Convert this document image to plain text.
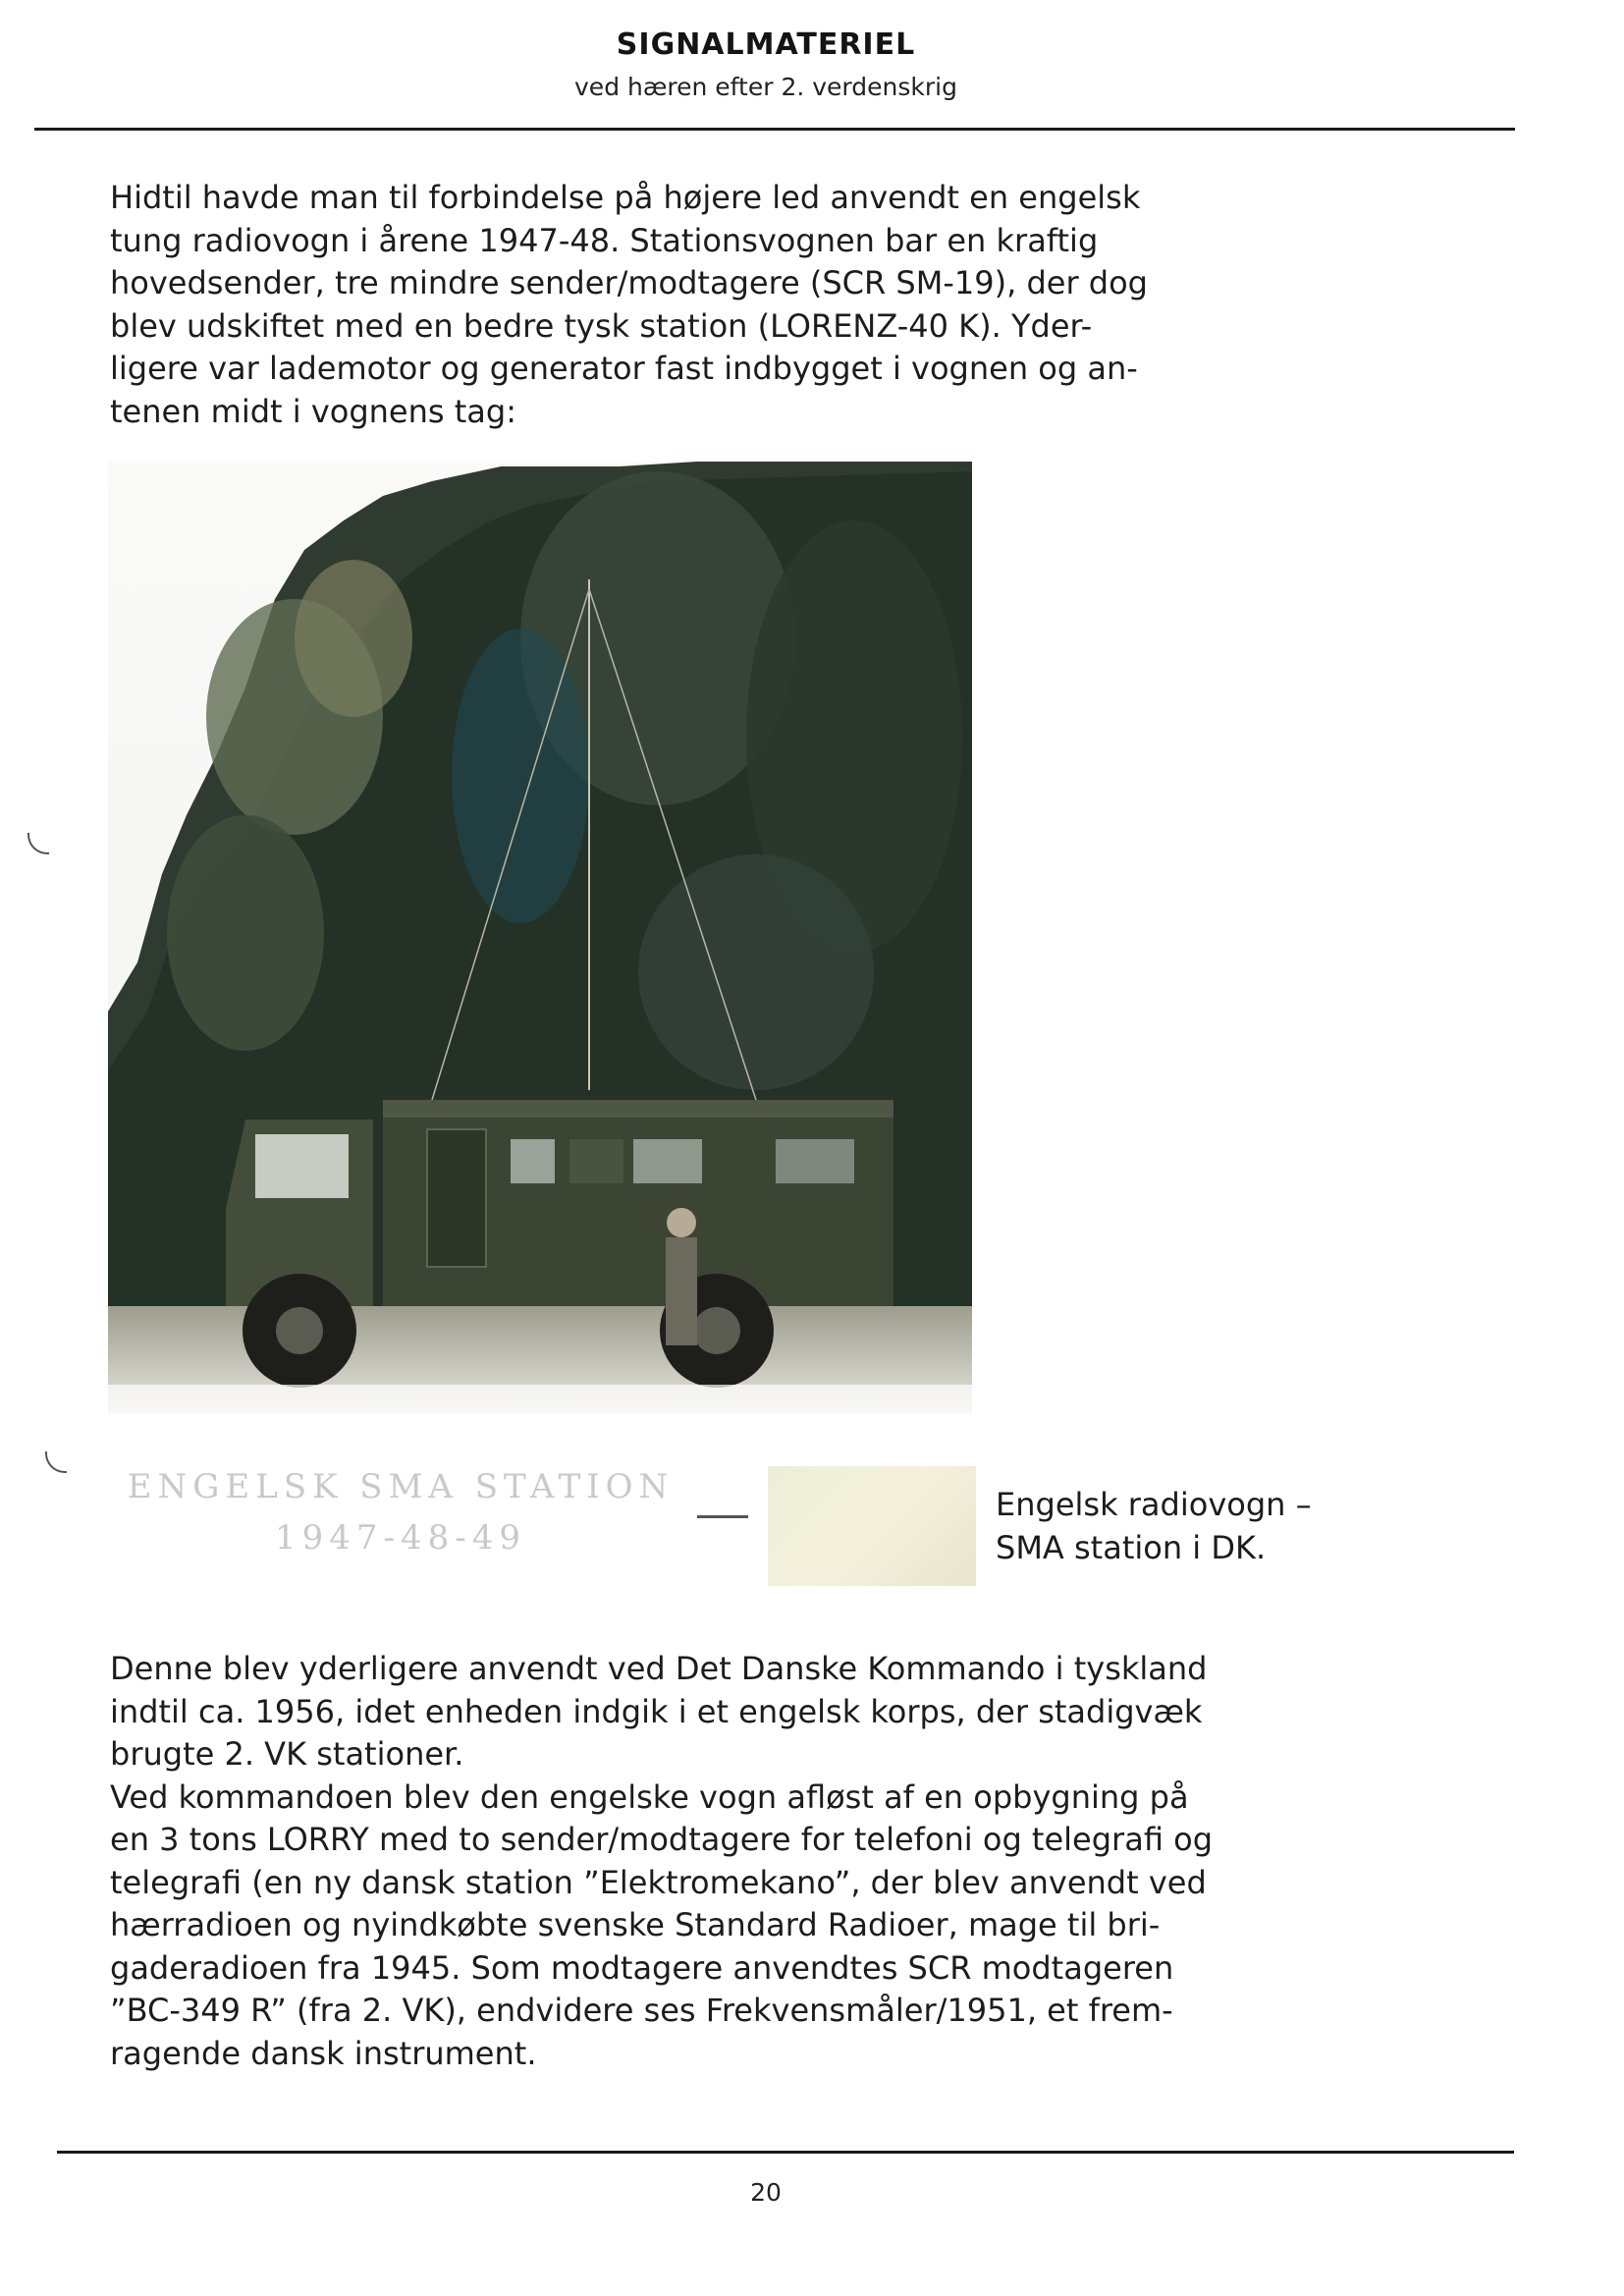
SIGNALMATERIEL
ved hæren efter 2. verdenskrig
Hidtil havde man til forbindelse på højere led anvendt en engelsk
tung radiovogn i årene 1947-48. Stationsvognen bar en kraftig
hovedsender, tre mindre sender/modtagere (SCR SM-19), der dog
blev udskiftet med en bedre tysk station (LORENZ-40 K). Yder-
ligere var lademotor og generator fast indbygget i vognen og an-
tenen midt i vognens tag:
ENGELSK SMA STATION
1947-48-49
Engelsk radiovogn –
SMA station i DK.
Denne blev yderligere anvendt ved Det Danske Kommando i tyskland
indtil ca. 1956, idet enheden indgik i et engelsk korps, der stadigvæk
brugte 2. VK stationer.
Ved kommandoen blev den engelske vogn afløst af en opbygning på
en 3 tons LORRY med to sender/modtagere for telefoni og telegrafi og
telegrafi (en ny dansk station ”Elektromekano”, der blev anvendt ved
hærradioen og nyindkøbte svenske Standard Radioer, mage til bri-
gaderadioen fra 1945. Som modtagere anvendtes SCR modtageren
”BC-349 R” (fra 2. VK), endvidere ses Frekvensmåler/1951, et frem-
ragende dansk instrument.
20
